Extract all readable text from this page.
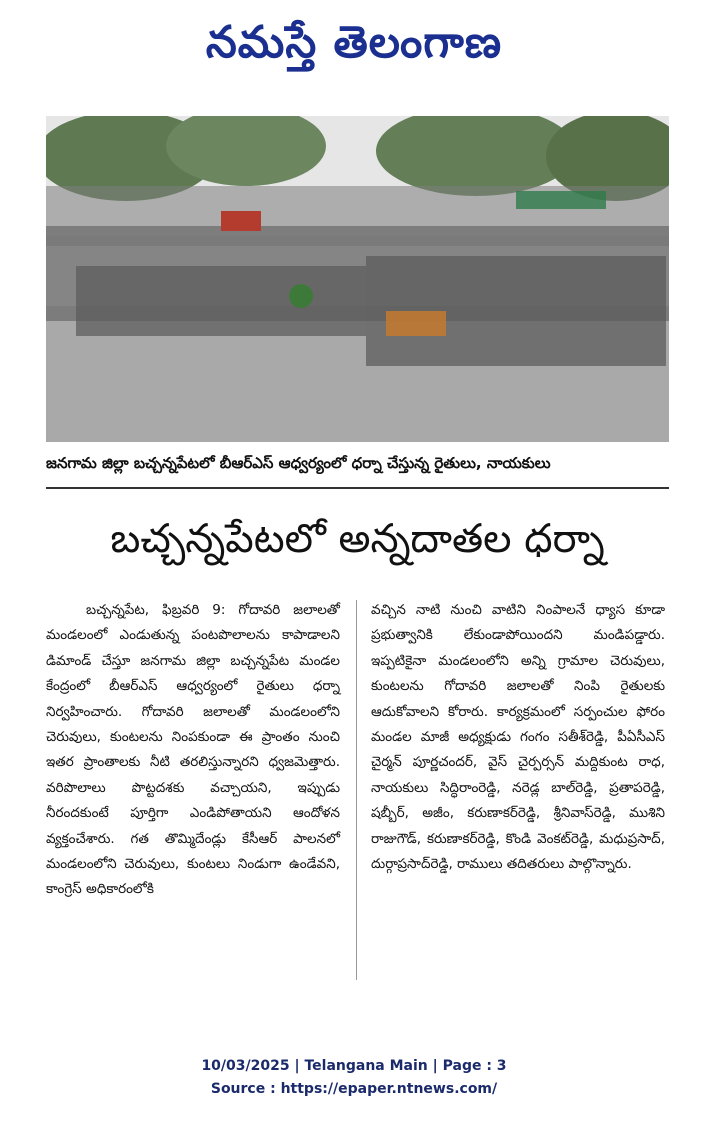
నమస్తే తెలంగాణ
జనగామ జిల్లా బచ్చన్నపేటలో బీఆర్ఎస్ ఆధ్వర్యంలో ధర్నా చేస్తున్న రైతులు, నాయకులు
బచ్చన్నపేటలో అన్నదాతల ధర్నా

బచ్చన్నపేట, ఫిబ్రవరి 9: గోదావరి జలాలతో మండలంలో ఎండుతున్న పంటపొలాలను కాపాడాలని డిమాండ్ చేస్తూ జనగామ జిల్లా బచ్చన్నపేట మండల కేంద్రంలో బీఆర్ఎస్ ఆధ్వర్యంలో రైతులు ధర్నా నిర్వహించారు. గోదావరి జలాలతో మండలంలోని చెరువులు, కుంటలను నింపకుండా ఈ ప్రాంతం నుంచి ఇతర ప్రాంతాలకు నీటి తరలిస్తున్నారని ధ్వజమెత్తారు. వరిపొలాలు పొట్టదశకు వచ్చాయని, ఇప్పుడు నీరందకుంటే పూర్తిగా ఎండిపోతాయని ఆందోళన వ్యక్తంచేశారు. గత తొమ్మిదేండ్లు కేసీఆర్ పాలనలో మండలంలోని చెరువులు, కుంటలు నిండుగా ఉండేవని, కాంగ్రెస్ అధికారంలోకి

వచ్చిన నాటి నుంచి వాటిని నింపాలనే ధ్యాస కూడా ప్రభుత్వానికి లేకుండాపోయిందని మండిపడ్డారు. ఇప్పటికైనా మండలంలోని అన్ని గ్రామాల చెరువులు, కుంటలను గోదావరి జలాలతో నింపి రైతులకు ఆదుకోవాలని కోరారు. కార్యక్రమంలో సర్పంచుల ఫోరం మండల మాజీ అధ్యక్షుడు గంగం సతీశ్‌రెడ్డి, పీఏసీఎస్ చైర్మన్ పూర్ణచందర్, వైస్ చైర్పర్సన్ మద్దికుంట రాధ, నాయకులు సిద్ధిరాంరెడ్డి, నరెడ్ల బాల్‌రెడ్డి, ప్రతాపరెడ్డి, షబ్బీర్, అజీం, కరుణాకర్‌రెడ్డి, శ్రీనివాస్‌రెడ్డి, ముశిని రాజుగౌడ్, కరుణాకర్‌రెడ్డి, కొండి వెంకట్‌రెడ్డి, మధుప్రసాద్, దుర్గాప్రసాద్‌రెడ్డి, రాములు తదితరులు పాల్గొన్నారు.

10/03/2025 | Telangana Main | Page : 3
Source : https://epaper.ntnews.com/
